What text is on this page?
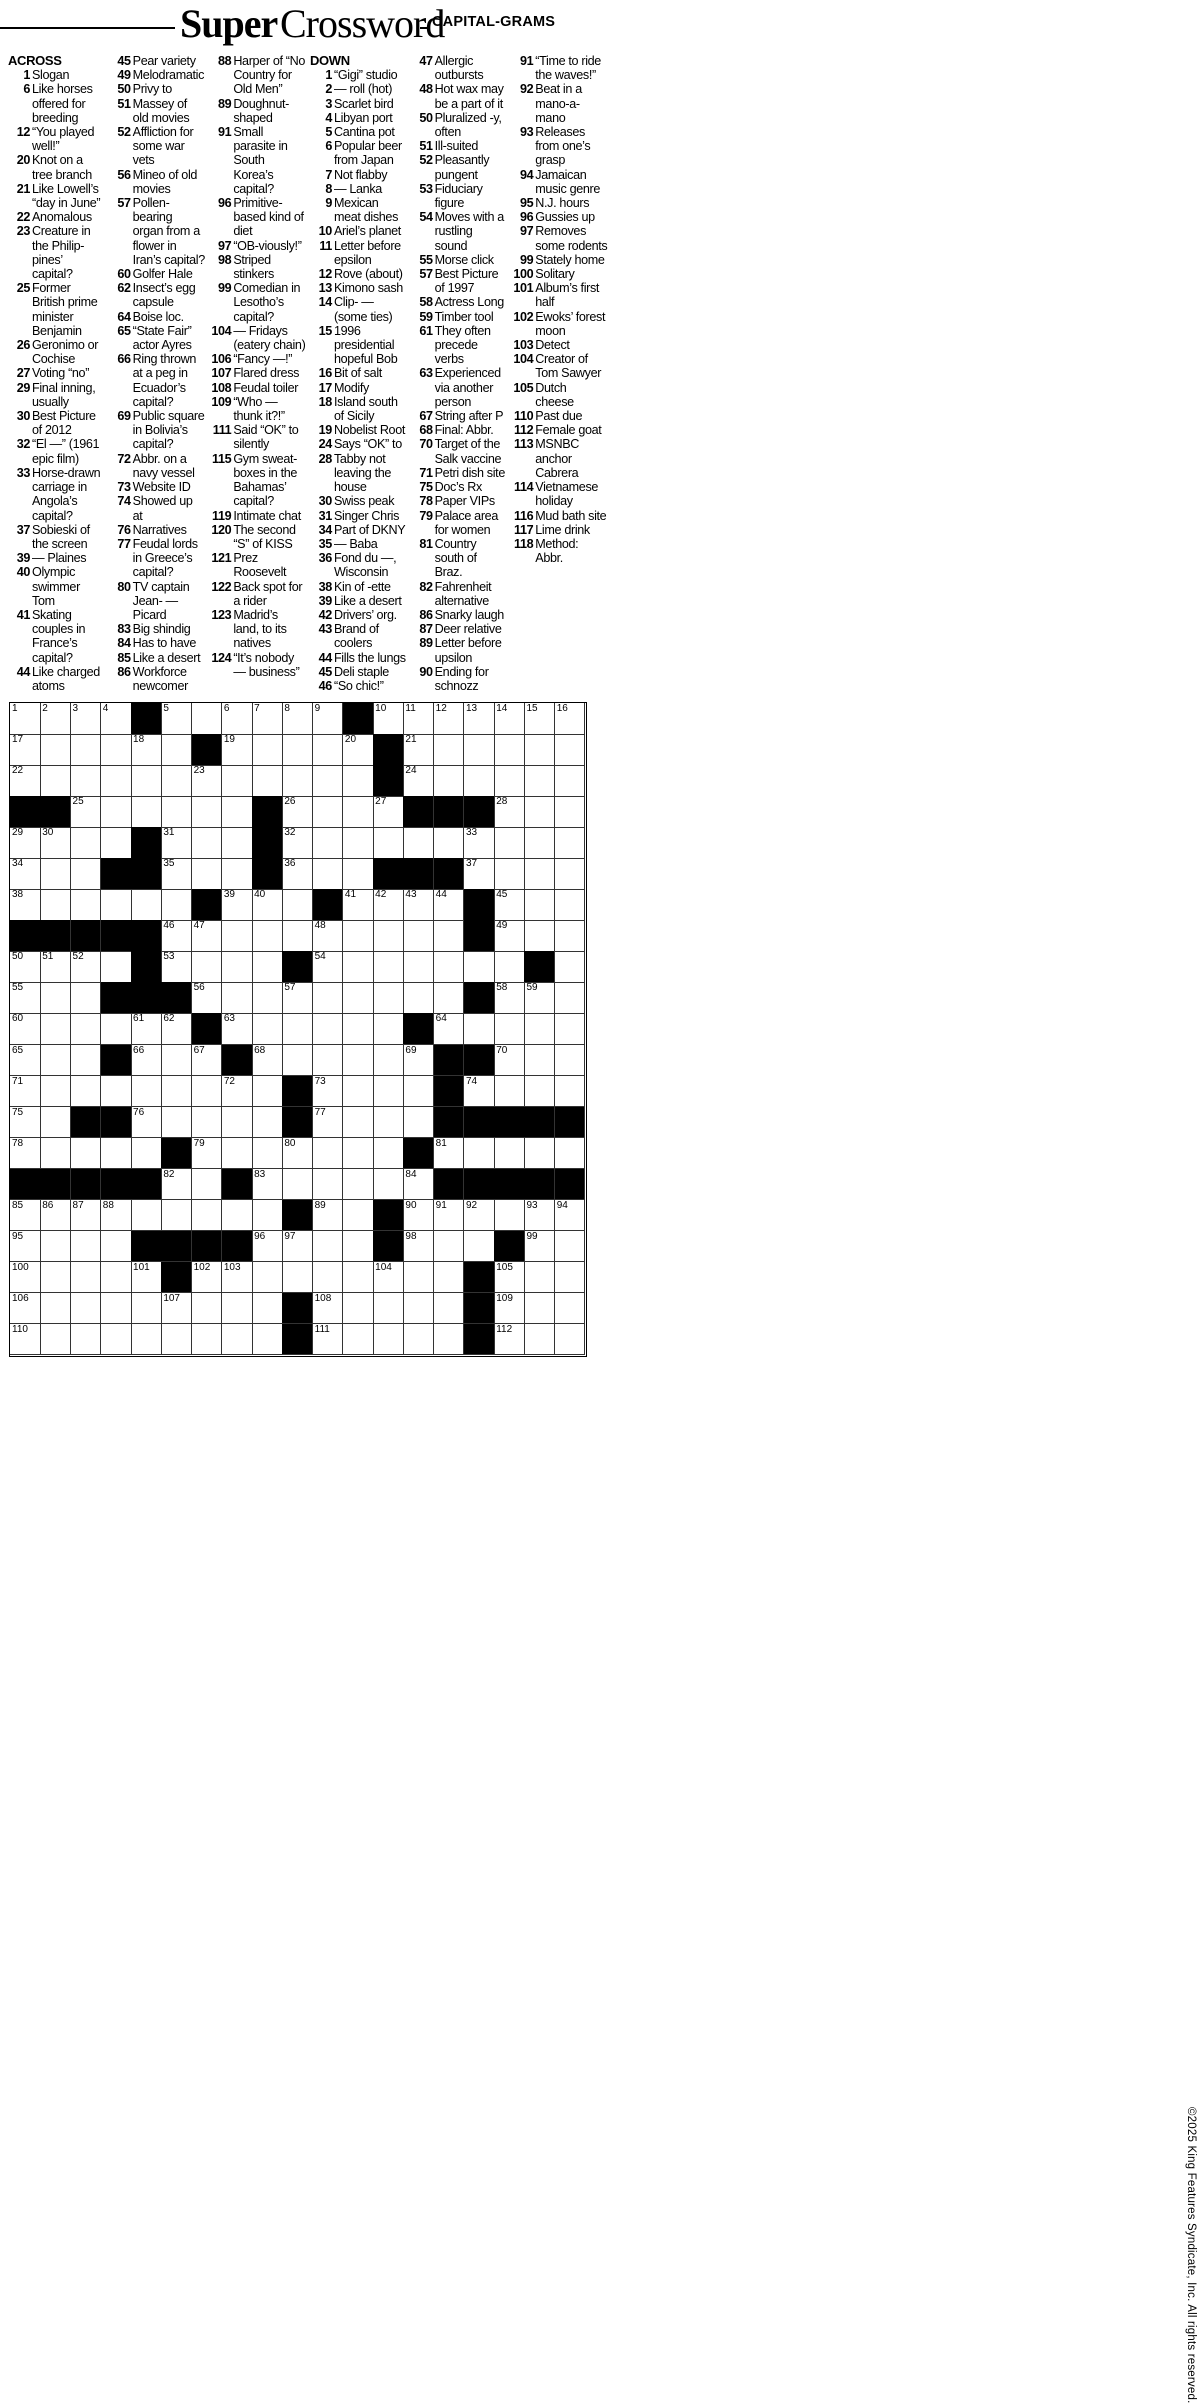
Super Crossword
CAPITAL-GRAMS
ACROSS
1 Slogan
6 Like horses offered for breeding
12 “You played well!”
20 Knot on a tree branch
21 Like Lowell’s “day in June”
22 Anomalous
23 Creature in the Philip-pines’ capital?
25 Former British prime minister Benjamin
26 Geronimo or Cochise
27 Voting “no”
29 Final inning, usually
30 Best Picture of 2012
32 “El —” (1961 epic film)
33 Horse-drawn carriage in Angola’s capital?
37 Sobieski of the screen
39 — Plaines
40 Olympic swimmer Tom
41 Skating couples in France’s capital?
44 Like charged atoms
45 Pear variety
49 Melodramatic
50 Privy to
51 Massey of old movies
52 Affliction for some war vets
56 Mineo of old movies
57 Pollen-bearing organ from a flower in Iran’s capital?
60 Golfer Hale
62 Insect’s egg capsule
64 Boise loc.
65 “State Fair” actor Ayres
66 Ring thrown at a peg in Ecuador’s capital?
69 Public square in Bolivia’s capital?
72 Abbr. on a navy vessel
73 Website ID
74 Showed up at
76 Narratives
77 Feudal lords in Greece’s capital?
80 TV captain Jean- — Picard
83 Big shindig
84 Has to have
85 Like a desert
86 Workforce newcomer
88 Harper of “No Country for Old Men”
89 Doughnut-shaped
91 Small parasite in South Korea’s capital?
96 Primitive-based kind of diet
97 “OB-viously!”
98 Striped stinkers
99 Comedian in Lesotho’s capital?
104 — Fridays (eatery chain)
106 “Fancy —!”
107 Flared dress
108 Feudal toiler
109 “Who — thunk it?!”
111 Said “OK” to silently
115 Gym sweat-boxes in the Bahamas’ capital?
119 Intimate chat
120 The second “S” of KISS
121 Prez Roosevelt
122 Back spot for a rider
123 Madrid’s land, to its natives
124 “It’s nobody — business”
DOWN
1 “Gigi” studio
2 — roll (hot)
3 Scarlet bird
4 Libyan port
5 Cantina pot
6 Popular beer from Japan
7 Not flabby
8 — Lanka
9 Mexican meat dishes
10 Ariel’s planet
11 Letter before epsilon
12 Rove (about)
13 Kimono sash
14 Clip- — (some ties)
15 1996 presidential hopeful Bob
16 Bit of salt
17 Modify
18 Island south of Sicily
19 Nobelist Root
24 Says “OK” to
28 Tabby not leaving the house
30 Swiss peak
31 Singer Chris
34 Part of DKNY
35 — Baba
36 Fond du —, Wisconsin
38 Kin of -ette
39 Like a desert
42 Drivers’ org.
43 Brand of coolers
44 Fills the lungs
45 Deli staple
46 “So chic!”
47 Allergic outbursts
48 Hot wax may be a part of it
50 Pluralized -y, often
51 Ill-suited
52 Pleasantly pungent
53 Fiduciary figure
54 Moves with a rustling sound
55 Morse click
57 Best Picture of 1997
58 Actress Long
59 Timber tool
61 They often precede verbs
63 Experienced via another person
67 String after P
68 Final: Abbr.
70 Target of the Salk vaccine
71 Petri dish site
75 Doc’s Rx
78 Paper VIPs
79 Palace area for women
81 Country south of Braz.
82 Fahrenheit alternative
86 Snarky laugh
87 Deer relative
89 Letter before upsilon
90 Ending for schnozz
91 “Time to ride the waves!”
92 Beat in a mano-a-mano
93 Releases from one’s grasp
94 Jamaican music genre
95 N.J. hours
96 Gussies up
97 Removes some rodents
99 Stately home
100 Solitary
101 Album’s first half
102 Ewoks’ forest moon
103 Detect
104 Creator of Tom Sawyer
105 Dutch cheese
110 Past due
112 Female goat
113 MSNBC anchor Cabrera
114 Vietnamese holiday
116 Mud bath site
117 Lime drink
118 Method: Abbr.
1 2 3 4	5	6 7 8 9	10 11 12 13 14 15 16
17	18	19	20	21
22	23	24
25	26	27	28
29 30	31	32	33
34	35	36	37
38	39 40	41 42 43 44	45
46 47	48	49
50 51 52	53	54
55	56	57	58 59
60	61 62	63	64
65	66	67	68	69	70
71	72	73	74
75	76	77
78	79	80	81
82	83	84
85 86 87 88	89	90 91 92	93 94
95	96 97	98	99
100	101	102 103	104	105
106	107	108	109
110	111	112
©2025 King Features Syndicate, Inc. All rights reserved.
